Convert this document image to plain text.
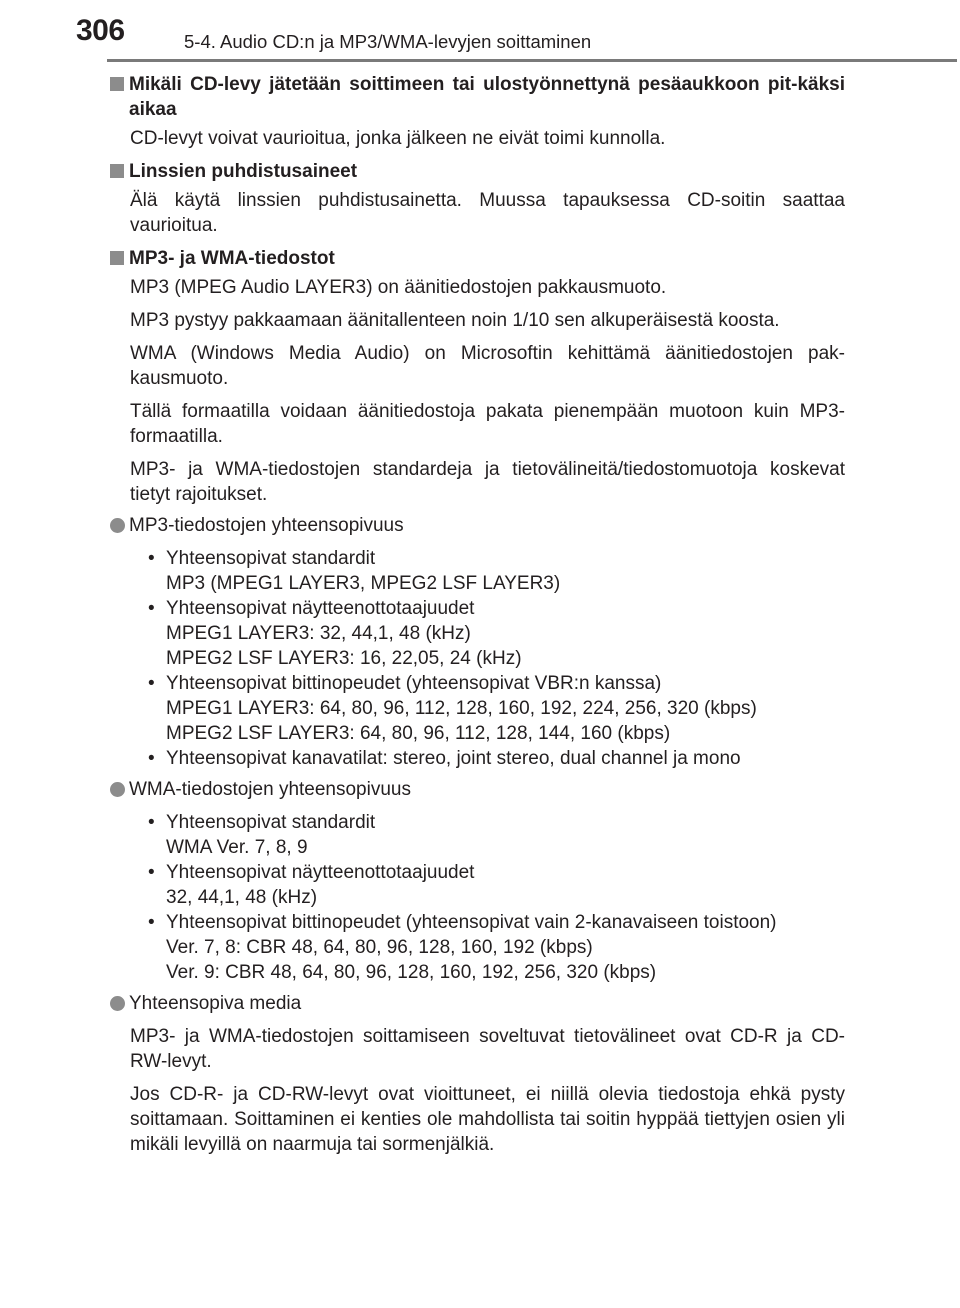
306	5-4. Audio CD:n ja MP3/WMA-levyjen soittaminen
Mikäli CD-levy jätetään soittimeen tai ulostyönnettynä pesäaukkoon pit-käksi aikaa
CD-levyt voivat vaurioitua, jonka jälkeen ne eivät toimi kunnolla.
Linssien puhdistusaineet
Älä käytä linssien puhdistusainetta. Muussa tapauksessa CD-soitin saattaa vaurioitua.
MP3- ja WMA-tiedostot
MP3 (MPEG Audio LAYER3) on äänitiedostojen pakkausmuoto.
MP3 pystyy pakkaamaan äänitallenteen noin 1/10 sen alkuperäisestä koosta.
WMA (Windows Media Audio) on Microsoftin kehittämä äänitiedostojen pak-kausmuoto.
Tällä formaatilla voidaan äänitiedostoja pakata pienempään muotoon kuin MP3-formaatilla.
MP3- ja WMA-tiedostojen standardeja ja tietovälineitä/tiedostomuotoja koskevat tietyt rajoitukset.
MP3-tiedostojen yhteensopivuus
• Yhteensopivat standardit
MP3 (MPEG1 LAYER3, MPEG2 LSF LAYER3)
• Yhteensopivat näytteenottotaajuudet
MPEG1 LAYER3: 32, 44,1, 48 (kHz)
MPEG2 LSF LAYER3: 16, 22,05, 24 (kHz)
• Yhteensopivat bittinopeudet (yhteensopivat VBR:n kanssa)
MPEG1 LAYER3: 64, 80, 96, 112, 128, 160, 192, 224, 256, 320 (kbps)
MPEG2 LSF LAYER3: 64, 80, 96, 112, 128, 144, 160 (kbps)
• Yhteensopivat kanavatilat: stereo, joint stereo, dual channel ja mono
WMA-tiedostojen yhteensopivuus
• Yhteensopivat standardit
WMA Ver. 7, 8, 9
• Yhteensopivat näytteenottotaajuudet
32, 44,1, 48 (kHz)
• Yhteensopivat bittinopeudet (yhteensopivat vain 2-kanavaiseen toistoon)
Ver. 7, 8: CBR 48, 64, 80, 96, 128, 160, 192 (kbps)
Ver. 9: CBR 48, 64, 80, 96, 128, 160, 192, 256, 320 (kbps)
Yhteensopiva media
MP3- ja WMA-tiedostojen soittamiseen soveltuvat tietovälineet ovat CD-R ja CD-RW-levyt.
Jos CD-R- ja CD-RW-levyt ovat vioittuneet, ei niillä olevia tiedostoja ehkä pysty soittamaan. Soittaminen ei kenties ole mahdollista tai soitin hyppää tiettyjen osien yli mikäli levyillä on naarmuja tai sormenjälkiä.
